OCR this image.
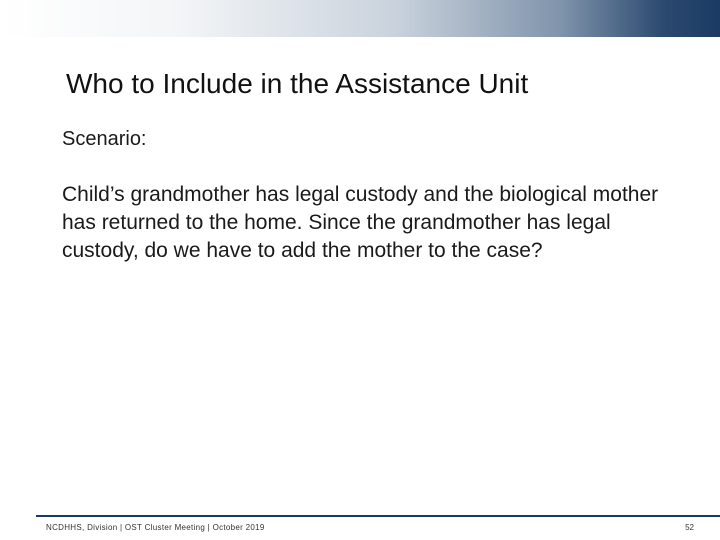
Who to Include in the Assistance Unit

Scenario:

Child’s grandmother has legal custody and the biological mother has returned to the home. Since the grandmother has legal custody, do we have to add the mother to the case?

NCDHHS, Division | OST Cluster Meeting | October 2019	52
